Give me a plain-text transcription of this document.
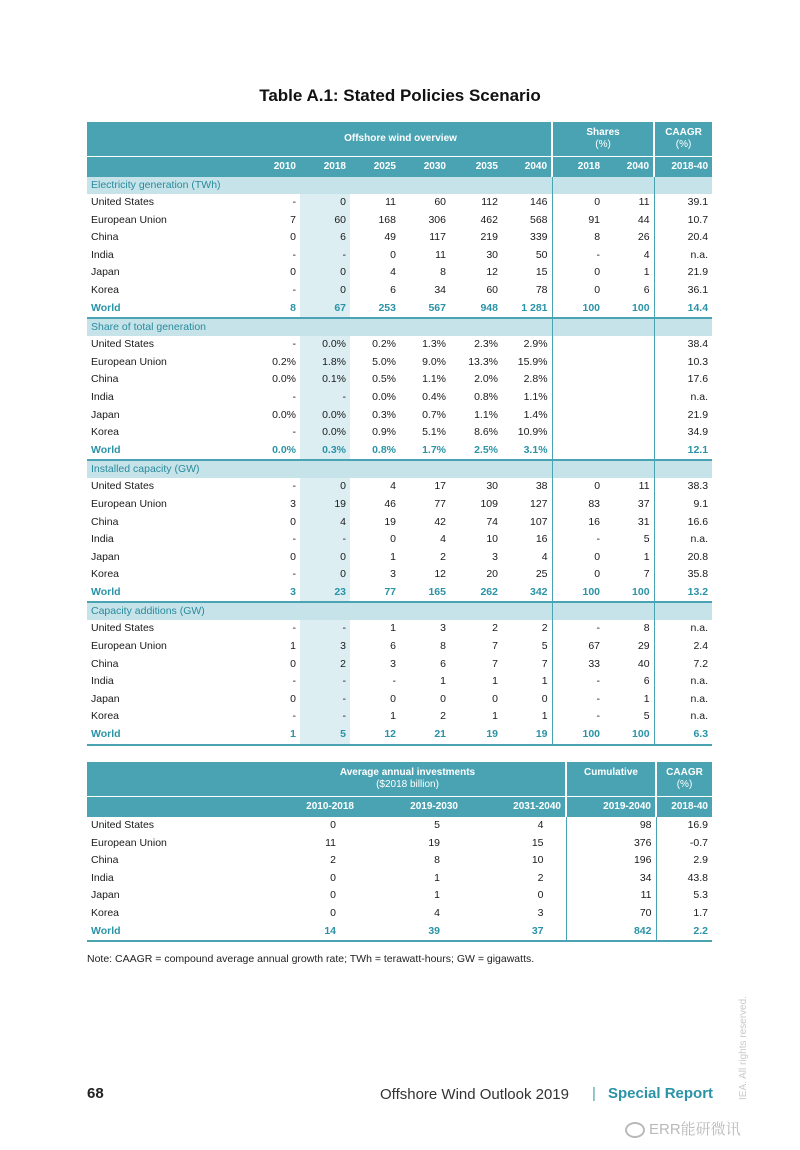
Table A.1: Stated Policies Scenario
	Offshore wind overview						Shares
(%)		CAAGR
(%)
	2010	2018	2025	2030	2035	2040	2018	2040	2018-40
Electricity generation (TWh)									
United States	-	0	11	60	112	146	0	11	39.1
European Union	7	60	168	306	462	568	91	44	10.7
China	0	6	49	117	219	339	8	26	20.4
India	-	-	0	11	30	50	-	4	n.a.
Japan	0	0	4	8	12	15	0	1	21.9
Korea	-	0	6	34	60	78	0	6	36.1
World	8	67	253	567	948	1 281	100	100	14.4
Share of total generation									
United States	-	0.0%	0.2%	1.3%	2.3%	2.9%			38.4
European Union	0.2%	1.8%	5.0%	9.0%	13.3%	15.9%			10.3
China	0.0%	0.1%	0.5%	1.1%	2.0%	2.8%			17.6
India	-	-	0.0%	0.4%	0.8%	1.1%			n.a.
Japan	0.0%	0.0%	0.3%	0.7%	1.1%	1.4%			21.9
Korea	-	0.0%	0.9%	5.1%	8.6%	10.9%			34.9
World	0.0%	0.3%	0.8%	1.7%	2.5%	3.1%			12.1
Installed capacity (GW)									
United States	-	0	4	17	30	38	0	11	38.3
European Union	3	19	46	77	109	127	83	37	9.1
China	0	4	19	42	74	107	16	31	16.6
India	-	-	0	4	10	16	-	5	n.a.
Japan	0	0	1	2	3	4	0	1	20.8
Korea	-	0	3	12	20	25	0	7	35.8
World	3	23	77	165	262	342	100	100	13.2
Capacity additions (GW)									
United States	-	-	1	3	2	2	-	8	n.a.
European Union	1	3	6	8	7	5	67	29	2.4
China	0	2	3	6	7	7	33	40	7.2
India	-	-	-	1	1	1	-	6	n.a.
Japan	0	-	0	0	0	0	-	1	n.a.
Korea	-	-	1	2	1	1	-	5	n.a.
World	1	5	12	21	19	19	100	100	6.3
	Average annual investments
($2018 billion)			Cumulative	CAAGR
(%)
	2010-2018	2019-2030	2031-2040	2019-2040	2018-40
United States	0	5	4	98	16.9
European Union	11	19	15	376	-0.7
China	2	8	10	196	2.9
India	0	1	2	34	43.8
Japan	0	1	0	11	5.3
Korea	0	4	3	70	1.7
World	14	39	37	842	2.2
Note: CAAGR = compound average annual growth rate; TWh = terawatt-hours; GW = gigawatts.
68	Offshore Wind Outlook 2019 | Special Report IEA. All rights reserved.
ERR能研微讯
